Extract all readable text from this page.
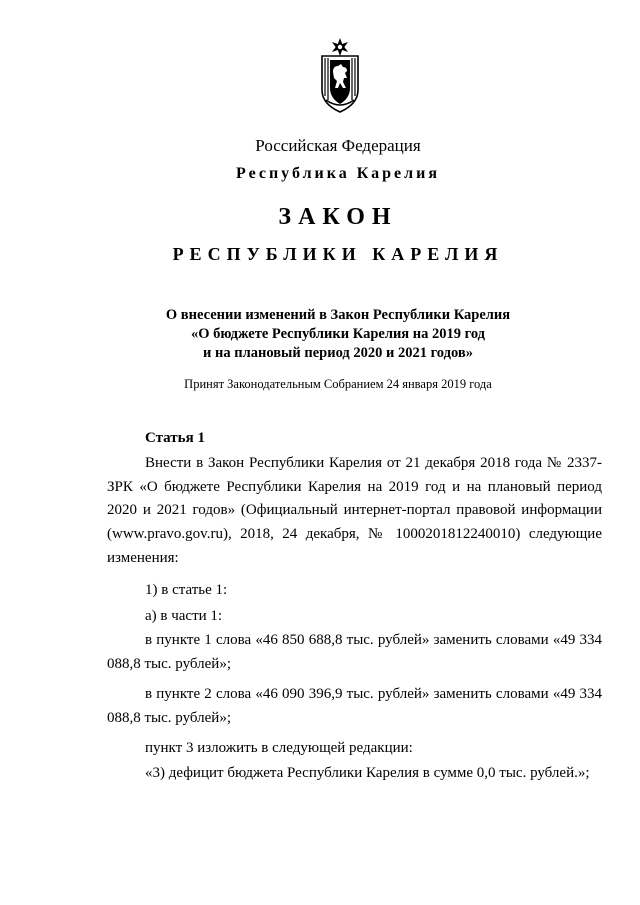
Российская Федерация
Республика Карелия
ЗАКОН
РЕСПУБЛИКИ КАРЕЛИЯ
О внесении изменений в Закон Республики Карелия
«О бюджете Республики Карелия на 2019 год
и на плановый период 2020 и 2021 годов»
Принят Законодательным Собранием 24 января 2019 года
Статья 1
Внести в Закон Республики Карелия от 21 декабря 2018 года № 2337-ЗРК «О бюджете Республики Карелия на 2019 год и на плановый период 2020 и 2021 годов» (Официальный интернет-портал правовой информации (www.pravo.gov.ru), 2018, 24 декабря, № 1000201812240010) следующие изменения:
1) в статье 1:
а) в части 1:
в пункте 1 слова «46 850 688,8 тыс. рублей» заменить словами «49 334 088,8 тыс. рублей»;
в пункте 2 слова «46 090 396,9 тыс. рублей» заменить словами «49 334 088,8 тыс. рублей»;
пункт 3 изложить в следующей редакции:
«3) дефицит бюджета Республики Карелия в сумме 0,0 тыс. рублей.»;
